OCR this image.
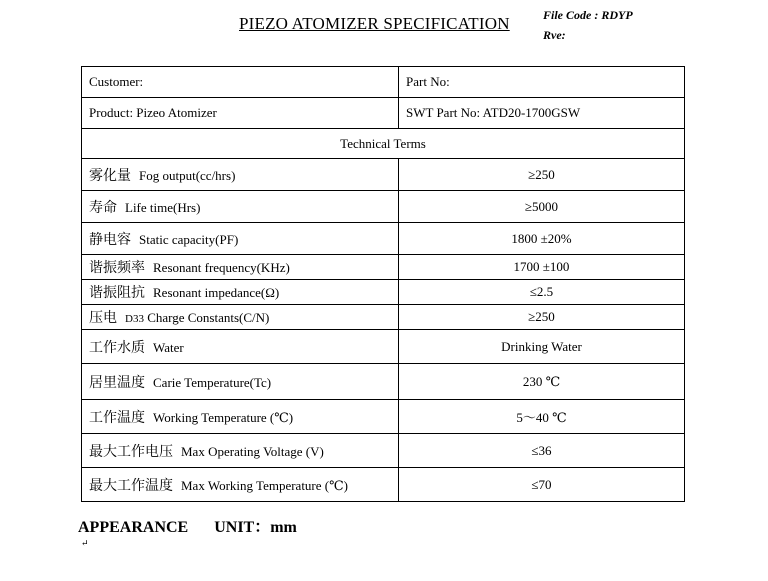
PIEZO ATOMIZER SPECIFICATION	File Code : RDYP
Rve:
Customer:	Part No:
Product: Pizeo Atomizer	SWT Part No: ATD20-1700GSW
Technical Terms	
雾化量 Fog output(cc/hrs)	≥250
寿命 Life time(Hrs)	≥5000
静电容 Static capacity(PF)	1800 ±20%
谐振频率 Resonant frequency(KHz)	1700 ±100
谐振阻抗 Resonant impedance(Ω)	≤2.5
压电 D33 Charge Constants(C/N)	≥250
工作水质 Water	Drinking Water
居里温度 Carie Temperature(Tc)	230 ℃
工作温度 Working Temperature (℃)	5～40 ℃
最大工作电压 Max Operating Voltage (V)	≤36
最大工作温度 Max Working Temperature (℃)	≤70
APPEARANCE UNIT：mm
↵
